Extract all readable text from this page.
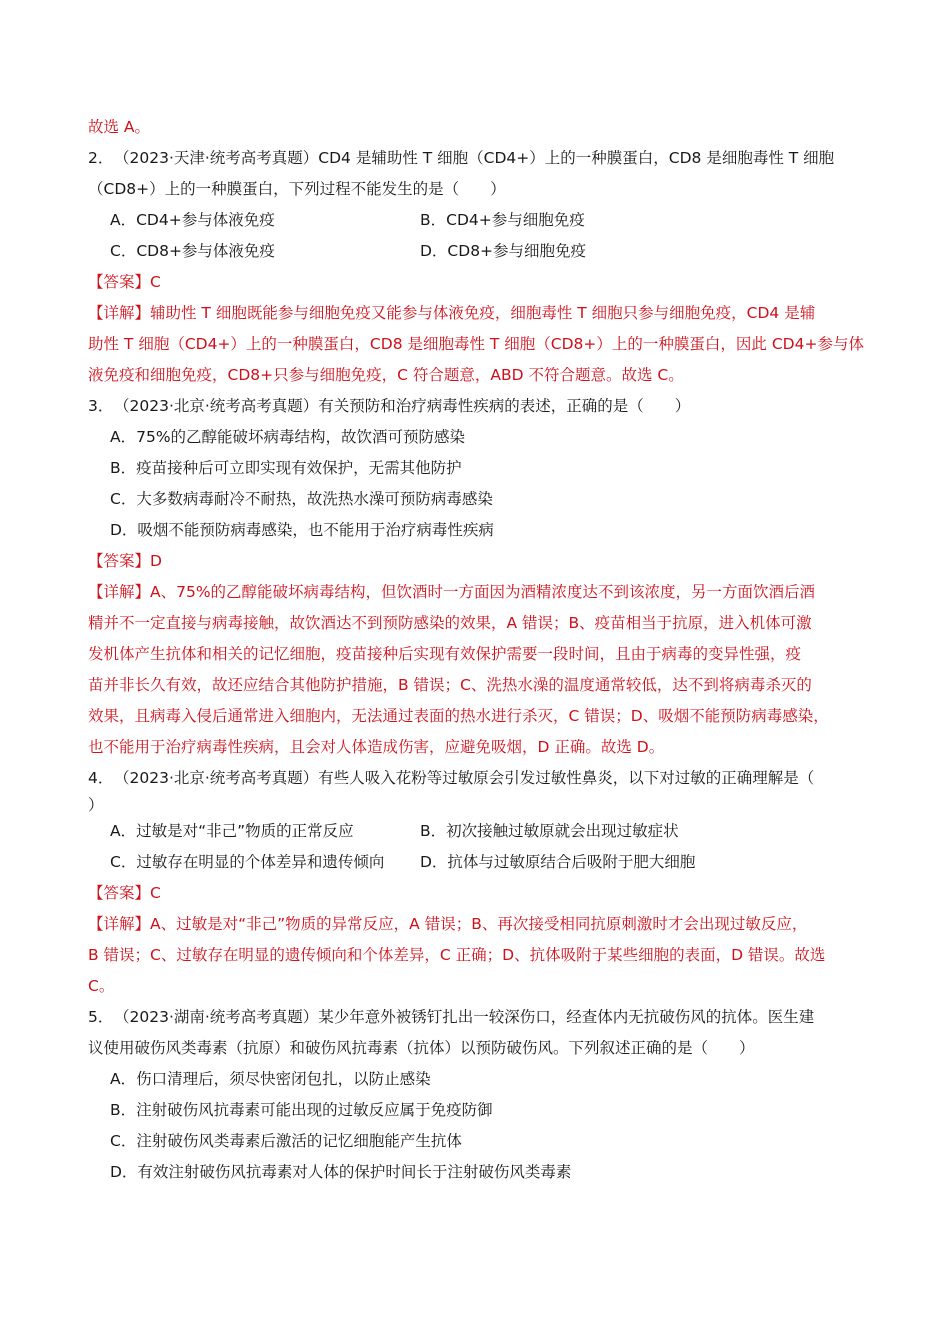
故选 A。
2．（2023·天津·统考高考真题）CD4 是辅助性 T 细胞（CD4+）上的一种膜蛋白，CD8 是细胞毒性 T 细胞
（CD8+）上的一种膜蛋白，下列过程不能发生的是（　　）
A．CD4+参与体液免疫	B．CD4+参与细胞免疫
C．CD8+参与体液免疫	D．CD8+参与细胞免疫
【答案】C
【详解】辅助性 T 细胞既能参与细胞免疫又能参与体液免疫，细胞毒性 T 细胞只参与细胞免疫，CD4 是辅
助性 T 细胞（CD4+）上的一种膜蛋白，CD8 是细胞毒性 T 细胞（CD8+）上的一种膜蛋白，因此 CD4+参与体
液免疫和细胞免疫，CD8+只参与细胞免疫，C 符合题意，ABD 不符合题意。故选 C。
3．（2023·北京·统考高考真题）有关预防和治疗病毒性疾病的表述，正确的是（　　）
A．75%的乙醇能破坏病毒结构，故饮酒可预防感染
B．疫苗接种后可立即实现有效保护，无需其他防护
C．大多数病毒耐冷不耐热，故洗热水澡可预防病毒感染
D．吸烟不能预防病毒感染，也不能用于治疗病毒性疾病
【答案】D
【详解】A、75%的乙醇能破坏病毒结构，但饮酒时一方面因为酒精浓度达不到该浓度，另一方面饮酒后酒
精并不一定直接与病毒接触，故饮酒达不到预防感染的效果，A 错误；B、疫苗相当于抗原，进入机体可激
发机体产生抗体和相关的记忆细胞，疫苗接种后实现有效保护需要一段时间，且由于病毒的变异性强，疫
苗并非长久有效，故还应结合其他防护措施，B 错误；C、洗热水澡的温度通常较低，达不到将病毒杀灭的
效果，且病毒入侵后通常进入细胞内，无法通过表面的热水进行杀灭，C 错误；D、吸烟不能预防病毒感染，
也不能用于治疗病毒性疾病，且会对人体造成伤害，应避免吸烟，D 正确。故选 D。
4．（2023·北京·统考高考真题）有些人吸入花粉等过敏原会引发过敏性鼻炎，以下对过敏的正确理解是（
）
A．过敏是对“非己”物质的正常反应	B．初次接触过敏原就会出现过敏症状
C．过敏存在明显的个体差异和遗传倾向	D．抗体与过敏原结合后吸附于肥大细胞
【答案】C
【详解】A、过敏是对“非己”物质的异常反应，A 错误；B、再次接受相同抗原刺激时才会出现过敏反应，
B 错误；C、过敏存在明显的遗传倾向和个体差异，C 正确；D、抗体吸附于某些细胞的表面，D 错误。故选
C。
5．（2023·湖南·统考高考真题）某少年意外被锈钉扎出一较深伤口，经查体内无抗破伤风的抗体。医生建
议使用破伤风类毒素（抗原）和破伤风抗毒素（抗体）以预防破伤风。下列叙述正确的是（　　）
A．伤口清理后，须尽快密闭包扎，以防止感染
B．注射破伤风抗毒素可能出现的过敏反应属于免疫防御
C．注射破伤风类毒素后激活的记忆细胞能产生抗体
D．有效注射破伤风抗毒素对人体的保护时间长于注射破伤风类毒素
